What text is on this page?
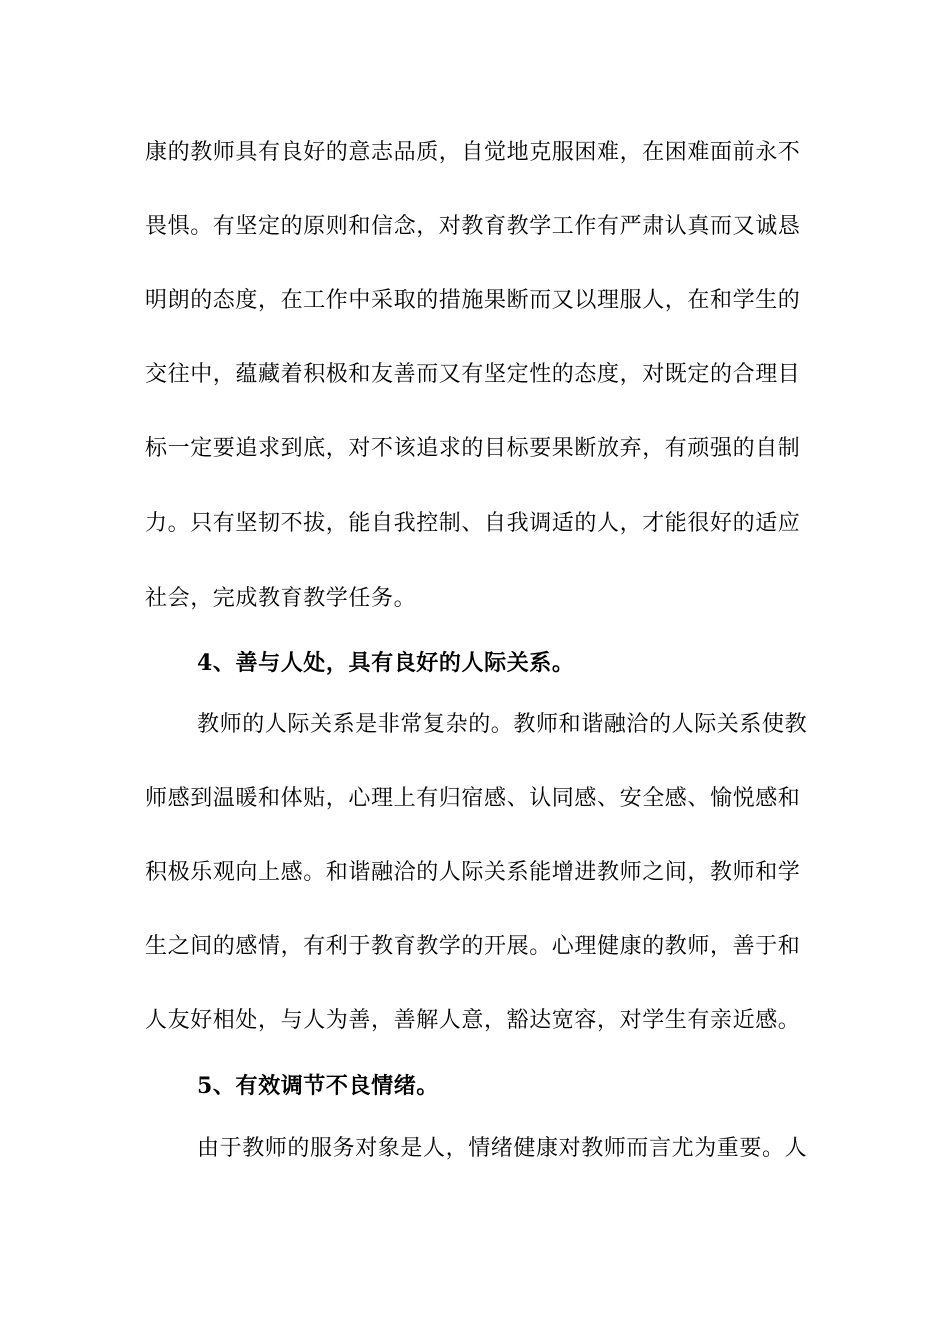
康的教师具有良好的意志品质，自觉地克服困难，在困难面前永不
畏惧。有坚定的原则和信念，对教育教学工作有严肃认真而又诚恳
明朗的态度，在工作中采取的措施果断而又以理服人，在和学生的
交往中，蕴藏着积极和友善而又有坚定性的态度，对既定的合理目
标一定要追求到底，对不该追求的目标要果断放弃，有顽强的自制
力。只有坚韧不拔，能自我控制、自我调适的人，才能很好的适应
社会，完成教育教学任务。
4、善与人处，具有良好的人际关系。
教师的人际关系是非常复杂的。教师和谐融洽的人际关系使教
师感到温暖和体贴，心理上有归宿感、认同感、安全感、愉悦感和
积极乐观向上感。和谐融洽的人际关系能增进教师之间，教师和学
生之间的感情，有利于教育教学的开展。心理健康的教师，善于和
人友好相处，与人为善，善解人意，豁达宽容，对学生有亲近感。
5、有效调节不良情绪。
由于教师的服务对象是人，情绪健康对教师而言尤为重要。人
